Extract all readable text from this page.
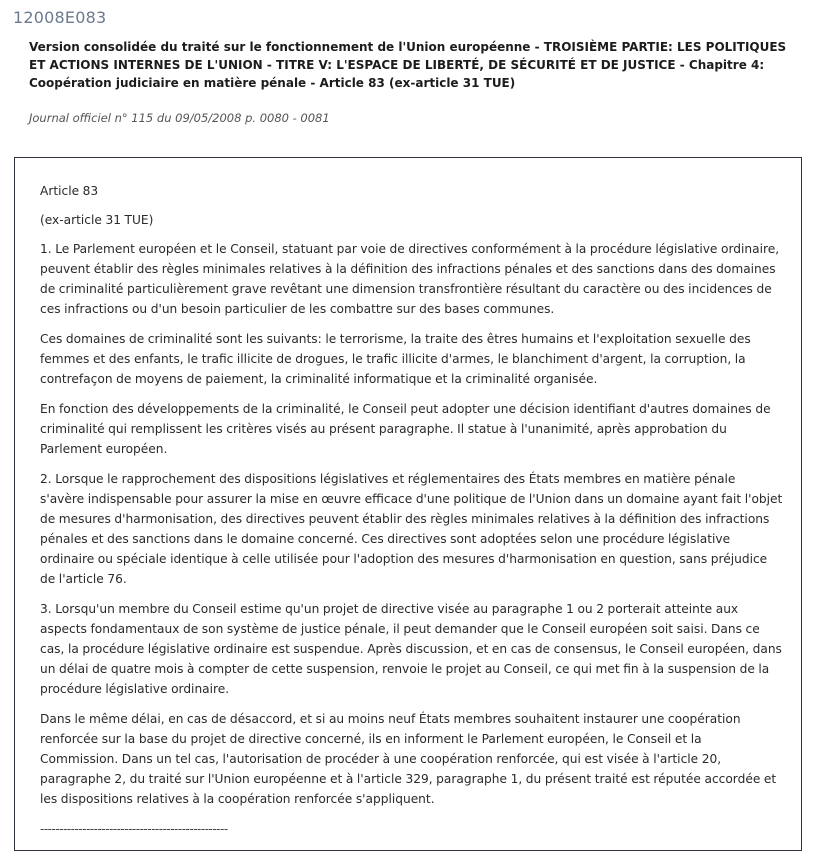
12008E083
Version consolidée du traité sur le fonctionnement de l'Union européenne - TROISIÈME PARTIE: LES POLITIQUES ET ACTIONS INTERNES DE L'UNION - TITRE V: L'ESPACE DE LIBERTÉ, DE SÉCURITÉ ET DE JUSTICE - Chapitre 4: Coopération judiciaire en matière pénale - Article 83 (ex-article 31 TUE)
Journal officiel n° 115 du 09/05/2008 p. 0080 - 0081

Article 83

(ex-article 31 TUE)

1. Le Parlement européen et le Conseil, statuant par voie de directives conformément à la procédure législative ordinaire, peuvent établir des règles minimales relatives à la définition des infractions pénales et des sanctions dans des domaines de criminalité particulièrement grave revêtant une dimension transfrontière résultant du caractère ou des incidences de ces infractions ou d'un besoin particulier de les combattre sur des bases communes.

Ces domaines de criminalité sont les suivants: le terrorisme, la traite des êtres humains et l'exploitation sexuelle des femmes et des enfants, le trafic illicite de drogues, le trafic illicite d'armes, le blanchiment d'argent, la corruption, la contrefaçon de moyens de paiement, la criminalité informatique et la criminalité organisée.

En fonction des développements de la criminalité, le Conseil peut adopter une décision identifiant d'autres domaines de criminalité qui remplissent les critères visés au présent paragraphe. Il statue à l'unanimité, après approbation du Parlement européen.

2. Lorsque le rapprochement des dispositions législatives et réglementaires des États membres en matière pénale s'avère indispensable pour assurer la mise en œuvre efficace d'une politique de l'Union dans un domaine ayant fait l'objet de mesures d'harmonisation, des directives peuvent établir des règles minimales relatives à la définition des infractions pénales et des sanctions dans le domaine concerné. Ces directives sont adoptées selon une procédure législative ordinaire ou spéciale identique à celle utilisée pour l'adoption des mesures d'harmonisation en question, sans préjudice de l'article 76.

3. Lorsqu'un membre du Conseil estime qu'un projet de directive visée au paragraphe 1 ou 2 porterait atteinte aux aspects fondamentaux de son système de justice pénale, il peut demander que le Conseil européen soit saisi. Dans ce cas, la procédure législative ordinaire est suspendue. Après discussion, et en cas de consensus, le Conseil européen, dans un délai de quatre mois à compter de cette suspension, renvoie le projet au Conseil, ce qui met fin à la suspension de la procédure législative ordinaire.

Dans le même délai, en cas de désaccord, et si au moins neuf États membres souhaitent instaurer une coopération renforcée sur la base du projet de directive concerné, ils en informent le Parlement européen, le Conseil et la Commission. Dans un tel cas, l'autorisation de procéder à une coopération renforcée, qui est visée à l'article 20, paragraphe 2, du traité sur l'Union européenne et à l'article 329, paragraphe 1, du présent traité est réputée accordée et les dispositions relatives à la coopération renforcée s'appliquent.

-------------------------------------------------
